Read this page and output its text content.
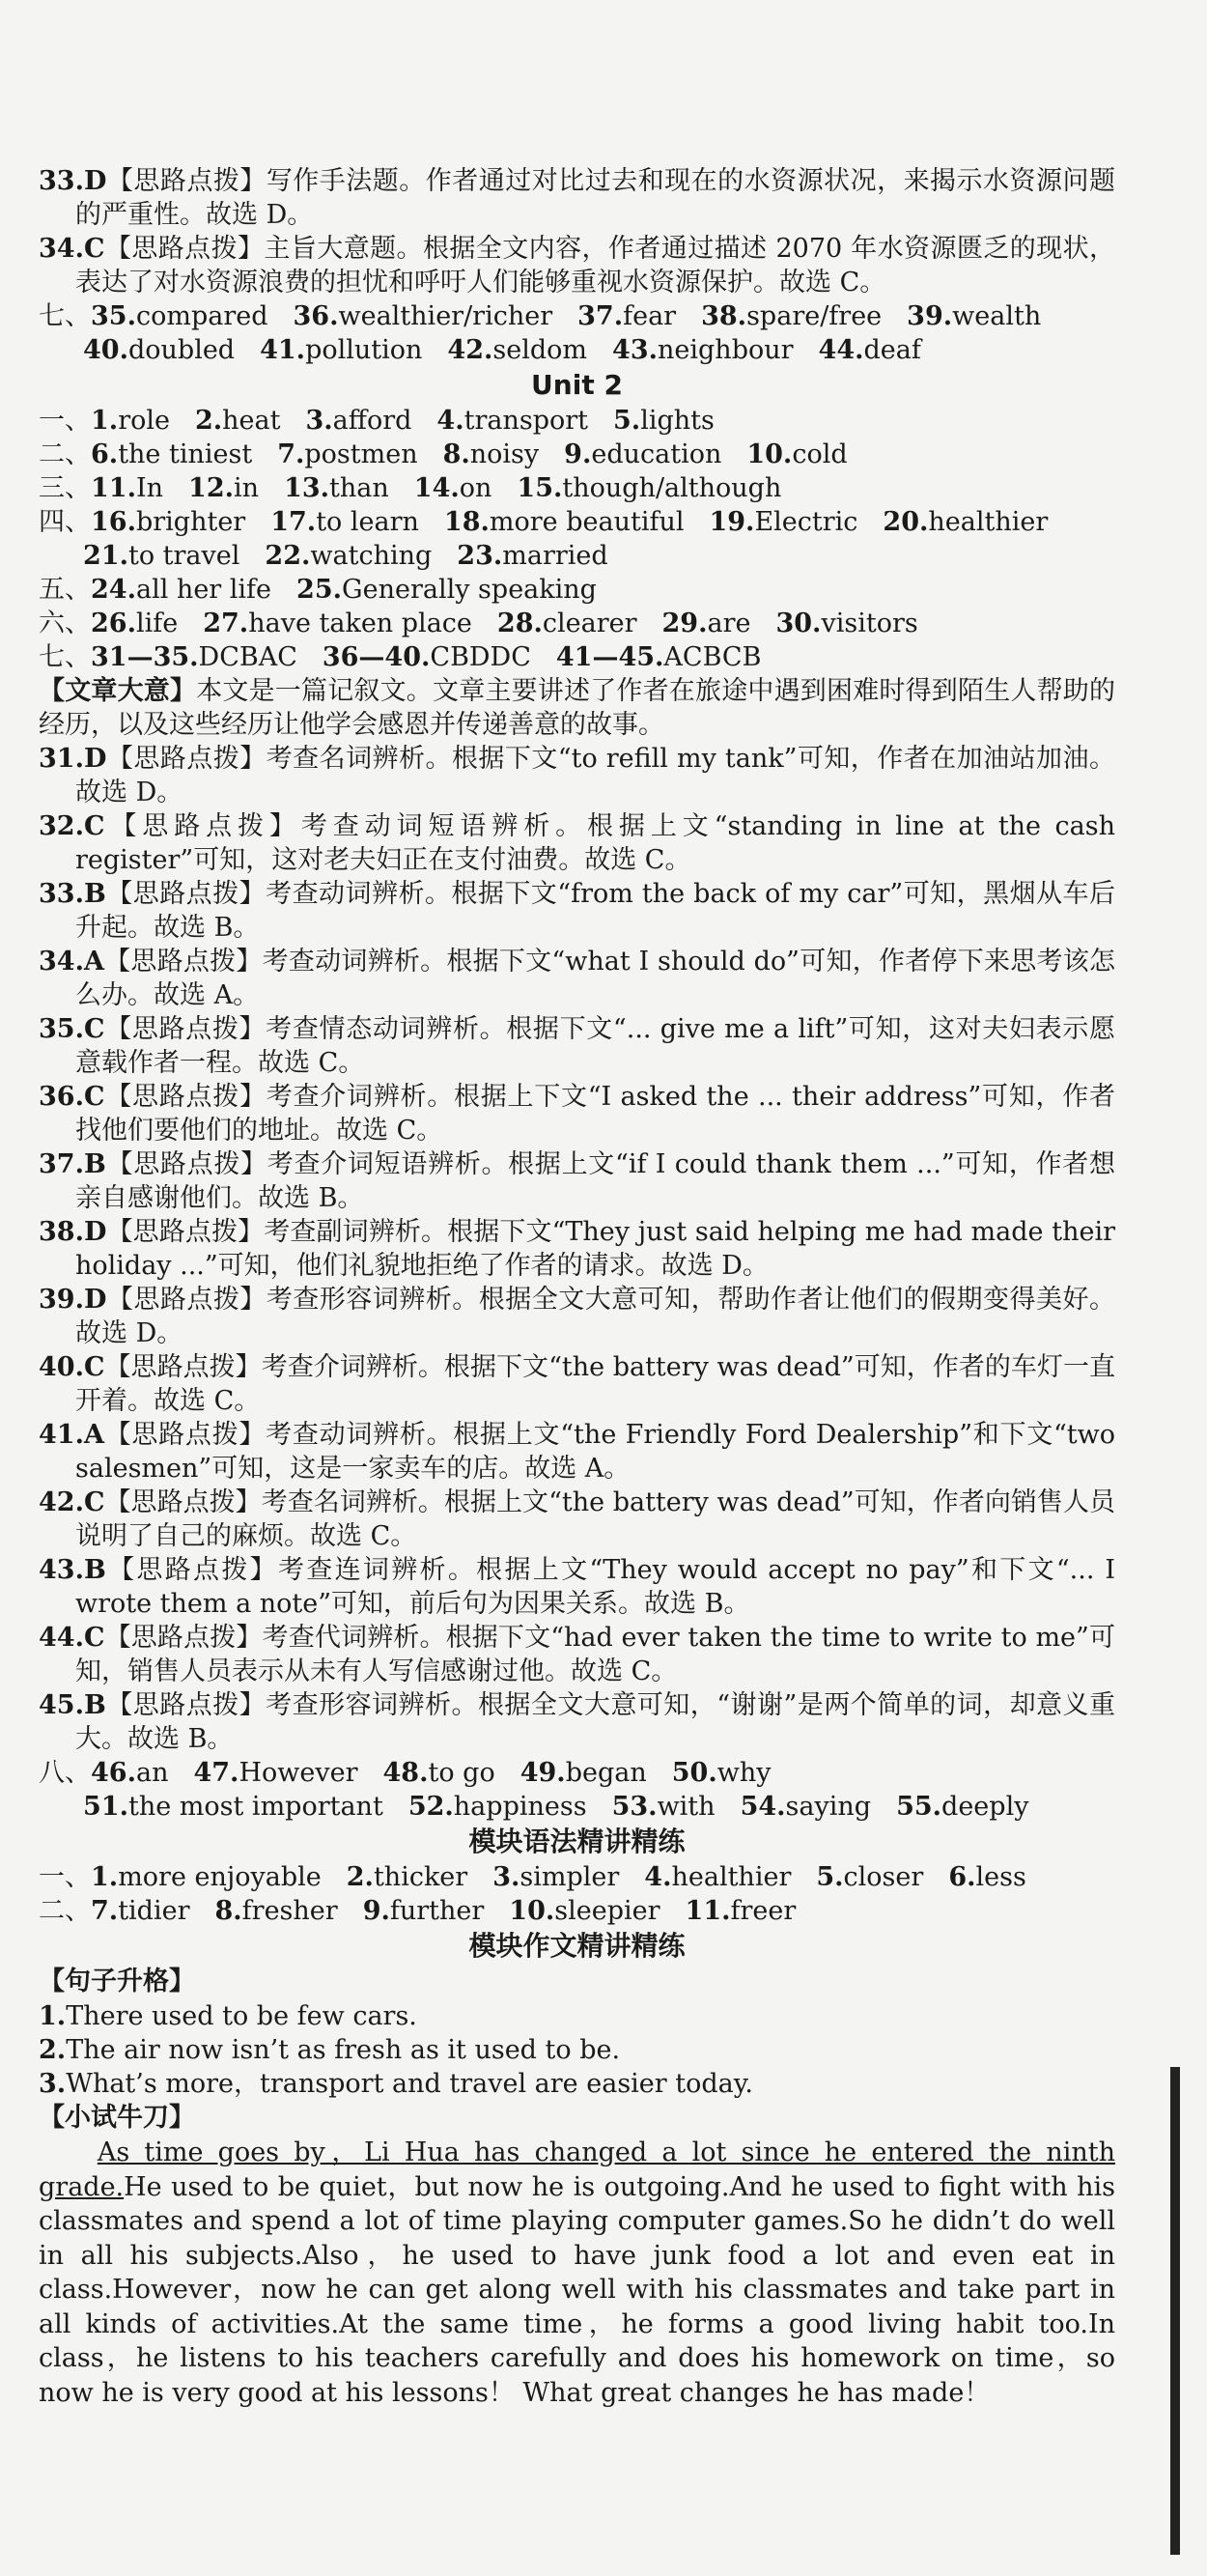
33.D【思路点拨】写作手法题。作者通过对比过去和现在的水资源状况，来揭示水资源问题的严重性。故选 D。

34.C【思路点拨】主旨大意题。根据全文内容，作者通过描述 2070 年水资源匮乏的现状，表达了对水资源浪费的担忧和呼吁人们能够重视水资源保护。故选 C。

七、35.compared 36.wealthier/richer 37.fear 38.spare/free 39.wealth
40.doubled 41.pollution 42.seldom 43.neighbour 44.deaf
Unit 2
一、1.role 2.heat 3.afford 4.transport 5.lights
二、6.the tiniest 7.postmen 8.noisy 9.education 10.cold
三、11.In 12.in 13.than 14.on 15.though/although
四、16.brighter 17.to learn 18.more beautiful 19.Electric 20.healthier
21.to travel 22.watching 23.married
五、24.all her life 25.Generally speaking
六、26.life 27.have taken place 28.clearer 29.are 30.visitors
七、31—35.DCBAC 36—40.CBDDC 41—45.ACBCB

【文章大意】本文是一篇记叙文。文章主要讲述了作者在旅途中遇到困难时得到陌生人帮助的经历，以及这些经历让他学会感恩并传递善意的故事。

31.D【思路点拨】考查名词辨析。根据下文“to refill my tank”可知，作者在加油站加油。故选 D。

32.C【思路点拨】考查动词短语辨析。根据上文“standing in line at the cash register”可知，这对老夫妇正在支付油费。故选 C。

33.B【思路点拨】考查动词辨析。根据下文“from the back of my car”可知，黑烟从车后升起。故选 B。

34.A【思路点拨】考查动词辨析。根据下文“what I should do”可知，作者停下来思考该怎么办。故选 A。

35.C【思路点拨】考查情态动词辨析。根据下文“... give me a lift”可知，这对夫妇表示愿意载作者一程。故选 C。

36.C【思路点拨】考查介词辨析。根据上下文“I asked the ... their address”可知，作者找他们要他们的地址。故选 C。

37.B【思路点拨】考查介词短语辨析。根据上文“if I could thank them ...”可知，作者想亲自感谢他们。故选 B。

38.D【思路点拨】考查副词辨析。根据下文“They just said helping me had made their holiday ...”可知，他们礼貌地拒绝了作者的请求。故选 D。

39.D【思路点拨】考查形容词辨析。根据全文大意可知，帮助作者让他们的假期变得美好。故选 D。

40.C【思路点拨】考查介词辨析。根据下文“the battery was dead”可知，作者的车灯一直开着。故选 C。

41.A【思路点拨】考查动词辨析。根据上文“the Friendly Ford Dealership”和下文“two salesmen”可知，这是一家卖车的店。故选 A。

42.C【思路点拨】考查名词辨析。根据上文“the battery was dead”可知，作者向销售人员说明了自己的麻烦。故选 C。

43.B【思路点拨】考查连词辨析。根据上文“They would accept no pay”和下文“... I wrote them a note”可知，前后句为因果关系。故选 B。

44.C【思路点拨】考查代词辨析。根据下文“had ever taken the time to write to me”可知，销售人员表示从未有人写信感谢过他。故选 C。

45.B【思路点拨】考查形容词辨析。根据全文大意可知，“谢谢”是两个简单的词，却意义重大。故选 B。

八、46.an 47.However 48.to go 49.began 50.why
51.the most important 52.happiness 53.with 54.saying 55.deeply
模块语法精讲精练
一、1.more enjoyable 2.thicker 3.simpler 4.healthier 5.closer 6.less
二、7.tidier 8.fresher 9.further 10.sleepier 11.freer
模块作文精讲精练
【句子升格】
1.There used to be few cars.
2.The air now isn’t as fresh as it used to be.
3.What’s more，transport and travel are easier today.
【小试牛刀】

As time goes by，Li Hua has changed a lot since he entered the ninth grade.He used to be quiet，but now he is outgoing.And he used to fight with his classmates and spend a lot of time playing computer games.So he didn’t do well in all his subjects.Also，he used to have junk food a lot and even eat in class.However，now he can get along well with his classmates and take part in all kinds of activities.At the same time，he forms a good living habit too.In class，he listens to his teachers carefully and does his homework on time，so now he is very good at his lessons！ What great changes he has made！
